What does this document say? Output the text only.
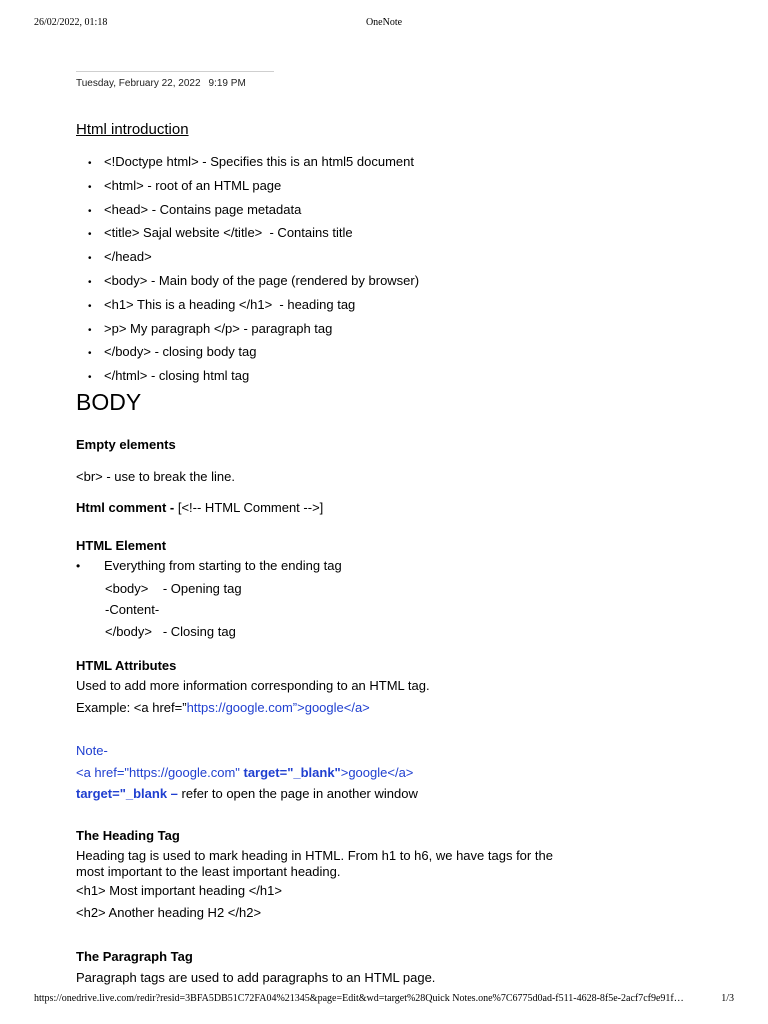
26/02/2022, 01:18	OneNote
Tuesday, February 22, 2022 9:19 PM
Html introduction
• <!Doctype html> - Specifies this is an html5 document
• <html> - root of an HTML page
• <head> - Contains page metadata
• <title> Sajal website </title>  - Contains title
• </head>
• <body> - Main body of the page (rendered by browser)
• <h1> This is a heading </h1>  - heading tag
• >p> My paragraph </p> - paragraph tag
• </body> - closing body tag
• </html> - closing html tag
BODY
Empty elements
<br> - use to break the line.
Html comment - [<!-- HTML Comment -->]
HTML Element
• Everything from starting to the ending tag
<body>    - Opening tag
-Content-
</body>   - Closing tag
HTML Attributes
Used to add more information corresponding to an HTML tag.
Example: <a href=”https://google.com”>google</a>
Note-
<a href="https://google.com" target="_blank">google</a>
target="_blank – refer to open the page in another window
The Heading Tag
Heading tag is used to mark heading in HTML. From h1 to h6, we have tags for the
most important to the least important heading.
<h1> Most important heading </h1>
<h2> Another heading H2 </h2>
The Paragraph Tag
Paragraph tags are used to add paragraphs to an HTML page.
https://onedrive.live.com/redir?resid=3BFA5DB51C72FA04%21345&page=Edit&wd=target%28Quick Notes.one%7C6775d0ad-f511-4628-8f5e-2acf7cf9e91f…	1/3
